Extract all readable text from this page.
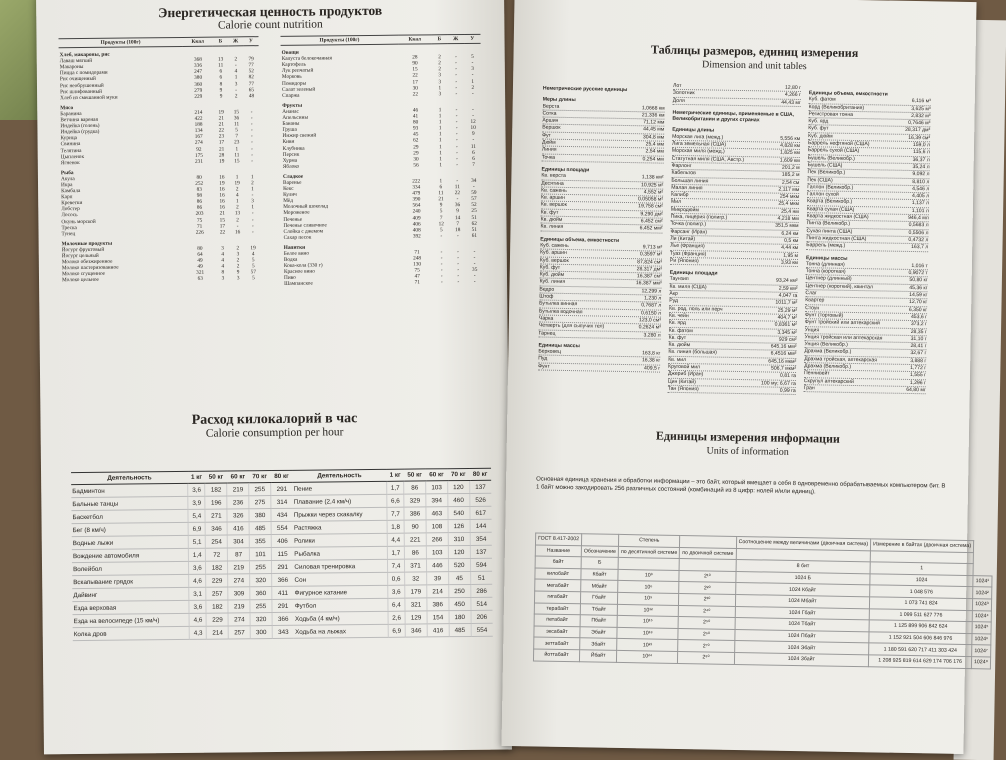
Энергетическая ценность продуктов
Calorie count nutrition
Продукты (100г)	Ккал	Б	Ж	У
Хлеб, макароны, рис				
Лаваш мягкий	368	13	2	79
Макароны	336	11	-	77
Пицца с помидорами	247	6	4	52
Рис очищенный	380	6	1	82
Рис необрушенный	360	8	3	77
Рис шлифованный	279	9	-	65
Хлеб из смешанной муки	229	9	2	48
Мясо				
Баранина	214	19	15	-
Ветчина вареная	422	21	36	-
Индейка (голень)	188	21	11	-
Индейка (грудка)	134	22	5	-
Курица	167	23	7	-
Свинина	274	17	23	-
Телятина	92	21	1	-
Цыпленок	175	28	11	-
Ягненок	231	19	15	-
Рыба				
Акула	80	16	1	1
Икра	252	19	19	2
Камбала	83	16	2	1
Карп	98	16	4	-
Креветки	86	16	1	3
Лобстер	86	16	2	1
Лосось	203	21	13	-
Окунь морской	75	15	2	-
Треска	71	17	-	-
Тунец	226	22	16	-
Молочные продукты				
Йогурт фруктовый	80	3	2	19
Йогурт цельный	64	4	3	4
Молоко обезжиренное	49	4	2	5
Молоко пастеризованное	49	4	2	5
Молоко сгущенное	321	8	9	57
Молоко цельное	63	3	3	5
Продукты (100г)	Ккал	Б	Ж	У
Овощи				
Капуста белокочанная	28	2	-	5
Картофель	90	2	-	-
Лук репчатый	15	2	-	3
Морковь	22	3	-	-
Помидоры	17	3	-	1
Салат зеленый	30	1	-	2
Спаржа	22	3	-	-
Фрукты				
Ананас	46	1	-	-
Апельсины	41	1	-	-
Бананы	80	1	-	12
Груша	93	1	-	10
Инжир свежий	45	1	-	9
Киви	62	1	-	-
Клубника	29	1	-	11
Персик	29	1	-	6
Хурма	30	1	-	6
Яблоко	56	1	-	7
Сладкое				
Варенье	222	1	-	34
Кекс	334	6	11	-
Кулич	479	11	22	59
Мёд	390	21	-	57
Молочный шоколад	564	9	36	52
Мороженое	240	5	9	25
Печенье	409	7	14	51
Печенье сливочное	406	12	7	62
Слойка с джемом	408	5	18	51
Сахар песок	392	-	-	61
Напитки				
Белое вино	71	-	-	-
Водка	248	-	-	-
Кока-кола (330 г)	130	-	-	-
Красное вино	75	-	-	35
Пиво	47	-	-	-
Шампанское	71	-	-	-
Расход килокалорий в час
Calorie consumption per hour
Деятельность	1 кг	50 кг	60 кг	70 кг	80 кг	Деятельность	1 кг	50 кг	60 кг	70 кг	80 кг
Бадминтон	3,6	182	219	255	291	Пение	1,7	86	103	120	137
Бальные танцы	3,9	196	236	275	314	Плавание (2,4 км/ч)	6,6	329	394	460	526
Баскетбол	5,4	271	326	380	434	Прыжки через скакалку	7,7	386	463	540	617
Бег (8 км/ч)	6,9	346	416	485	554	Растяжка	1,8	90	108	126	144
Водные лыжи	5,1	254	304	355	406	Ролики	4,4	221	266	310	354
Вождение автомобиля	1,4	72	87	101	115	Рыбалка	1,7	86	103	120	137
Волейбол	3,6	182	219	255	291	Силовая тренировка	7,4	371	446	520	594
Вскапывание грядок	4,6	229	274	320	366	Сон	0,6	32	39	45	51
Дайвинг	3,1	257	309	360	411	Фигурное катание	3,6	179	214	250	286
Езда верховая	3,6	182	219	255	291	Футбол	6,4	321	386	450	514
Езда на велосипеде (15 км/ч)	4,6	229	274	320	366	Ходьба (4 км/ч)	2,6	129	154	180	206
Колка дров	4,3	214	257	300	343	Ходьба на лыжах	6,9	346	416	485	554
Таблицы размеров, единиц измерения
Dimension and unit tables
Неметрические русские единицы
Меры длины
Верста	1,0668 км
Сотка	21,336 км
Аршин	71,12 мм
Вершок	44,45 мм
Фут	304,8 мм
Дюйм	25,4 мм
Линия	2,54 мм
Точка	0,254 мм
Единицы площади
Кв. верста	1,138 км²
Десятина	10,925 м²
Кв. сажень	4,552 м²
Кв. аршин	0,05058 м²
Кв. вершок	19,758 см²
Кв. фут	9,290 дм²
Кв. дюйм	6,452 см²
Кв. линия	6,452 мм²
Единицы объема, емкостности
Куб. сажень	9,713 м³
Куб. аршин	0,3597 м³
Куб. вершок	87,824 см³
Куб. фут	28,317 дм³
Куб. дюйм	16,387 см³
Куб. линия	16,387 мм³
Ведро	12,299 л
Штоф	1,230 л
Бутылка винная	0,7687 л
Бутылка водочная	0,6150 л
Чарка	123,0 см³
Четверть (для сыпучих тел)	0,2624 м³
Гарнец	3,280 л
Единицы массы
Берковец	163,8 кг
Пуд	16,38 кг
Фунт	409,5 г
Лот	12,80 г
Золотник	4,266 г
Доля	44,43 мг
Неметрические единицы, применяемые в США, Великобритании и других странах
Единицы длины
Морская лига (межд.)	5,556 км
Лига земельная (США)	4,828 км
Морская миля (межд.)	1,825 км
Статутная миля (США, Австр.)	1,609 км
Фарлонг	201,2 м
Кабельтов	185,2 м
Большая линия	2,54 см
Малая линия	2,117 мм
Калибр	254 мкм
Мил	25,4 мкм
Микродюйм	25,4 нм
Пика, пицерия (полигр.)	4,218 мм
Точка (полигр.)	351,5 мкм
Фарсанг (Иран)	6,24 км
Ли (Китай)	0,5 км
Лье (Франция)	4,44 км
Туаз (Франция)	1,95 м
Ри (Япония)	3,93 км
Единицы площади
Таунзип	93,24 км²
Кв. миля (США)	2,59 км²
Акр	4,047 га
Руд	1011,7 м²
Кв. род, поль или перч	25,29 м²
Кв. чейн	404,7 м²
Кв. ярд	0,8361 м²
Кв. фатом	3,345 м²
Кв. фут	929 см²
Кв. дюйм	645,16 мм²
Кв. линия (большая)	6,4516 мм²
Кв. мил	645,16 мкм²
Круговой мил	506,7 мкм²
Джериб (Иран)	0,81 га
Цин (Китай)	100 му; 6,67 га
Тан (Япония)	0,99 га
Единицы объема, емкостности
Куб. фатом	6,116 м³
Корд (Великобритания)	3,625 м³
Регистровая тонна	2,832 м³
Куб. ярд	0,7646 м³
Куб. фут	28,317 дм³
Куб. дюйм	16,39 см³
Баррель нефтяной (США)	159,0 л
Баррель сухой (США)	115,6 л
Бушель (Великобр.)	36,37 л
Бушель (США)	35,24 л
Пек (Великобр.)	9,092 л
Пек (США)	8,810 л
Галлон (Великобр.)	4,546 л
Галлон сухой	4,405 л
Кварта (Великобр.)	1,137 л
Кварта сухая (США)	1,101 л
Кварта жидкостная (США)	946,4 мл
Пинта (Великобр.)	0,5683 л
Сухая пинта (США)	0,5506 л
Пинта жидкостная (США)	0,4732 л
Баррель (межд.)	163,7 л
Единицы массы
Тонна (длинная)	1,016 т
Тонна (короткая)	0,9072 т
Центнер (длинный)	50,80 кг
Центнер (короткий), квинтал	45,36 кг
Слаг	14,59 кг
Квартер	12,70 кг
Стоун	6,350 кг
Фунт (торговый)	453,6 г
Фунт тройский или аптекарский	373,2 г
Унция	28,35 г
Унция тройская или аптекарская	31,10 г
Унция (Великобр.)	28,41 г
Драхма (Великобр.)	32,67 г
Драхма тройская, аптекарская	3,888 г
Драхма (Великобр.)	1,772 г
Пеннивейт	1,555 г
Скрупул аптекарский	1,296 г
Гран	64,80 мг
Единицы измерения информации
Units of information
Основная единица хранения и обработки информации – это байт, который вмещает в себя 8 одновременно обрабатываемых компьютером бит. В 1 байт можно закодировать 256 различных состояний (комбинаций из 8 цифр: нолей и/или единиц).
ГОСТ 8.417-2002		Степень		Соотношение между величинами (двоичная система)	Измерение в байтах (двоичная система)	
Название	Обозначение	по десятичной системе	по двоичной системе			
байт	Б			8 бит	1	
килобайт	Кбайт	10³	2¹⁰	1024 Б	1024	1024¹
мегабайт	Мбайт	10⁶	2²⁰	1024 Кбайт	1 048 576	1024²
гигабайт	Гбайт	10⁹	2³⁰	1024 Мбайт	1 073 741 824	1024³
терабайт	Тбайт	10¹²	2⁴⁰	1024 Гбайт	1 099 511 627 776	1024⁴
петабайт	Пбайт	10¹⁵	2⁵⁰	1024 Тбайт	1 125 899 906 842 624	1024⁵
эксабайт	Эбайт	10¹⁸	2⁶⁰	1024 Пбайт	1 152 921 504 606 846 976	1024⁶
зеттабайт	Збайт	10²¹	2⁷⁰	1024 Эбайт	1 180 591 620 717 411 303 424	1024⁷
йоттабайт	Йбайт	10²⁴	2⁸⁰	1024 Збайт	1 208 925 819 614 629 174 706 176	1024⁸
